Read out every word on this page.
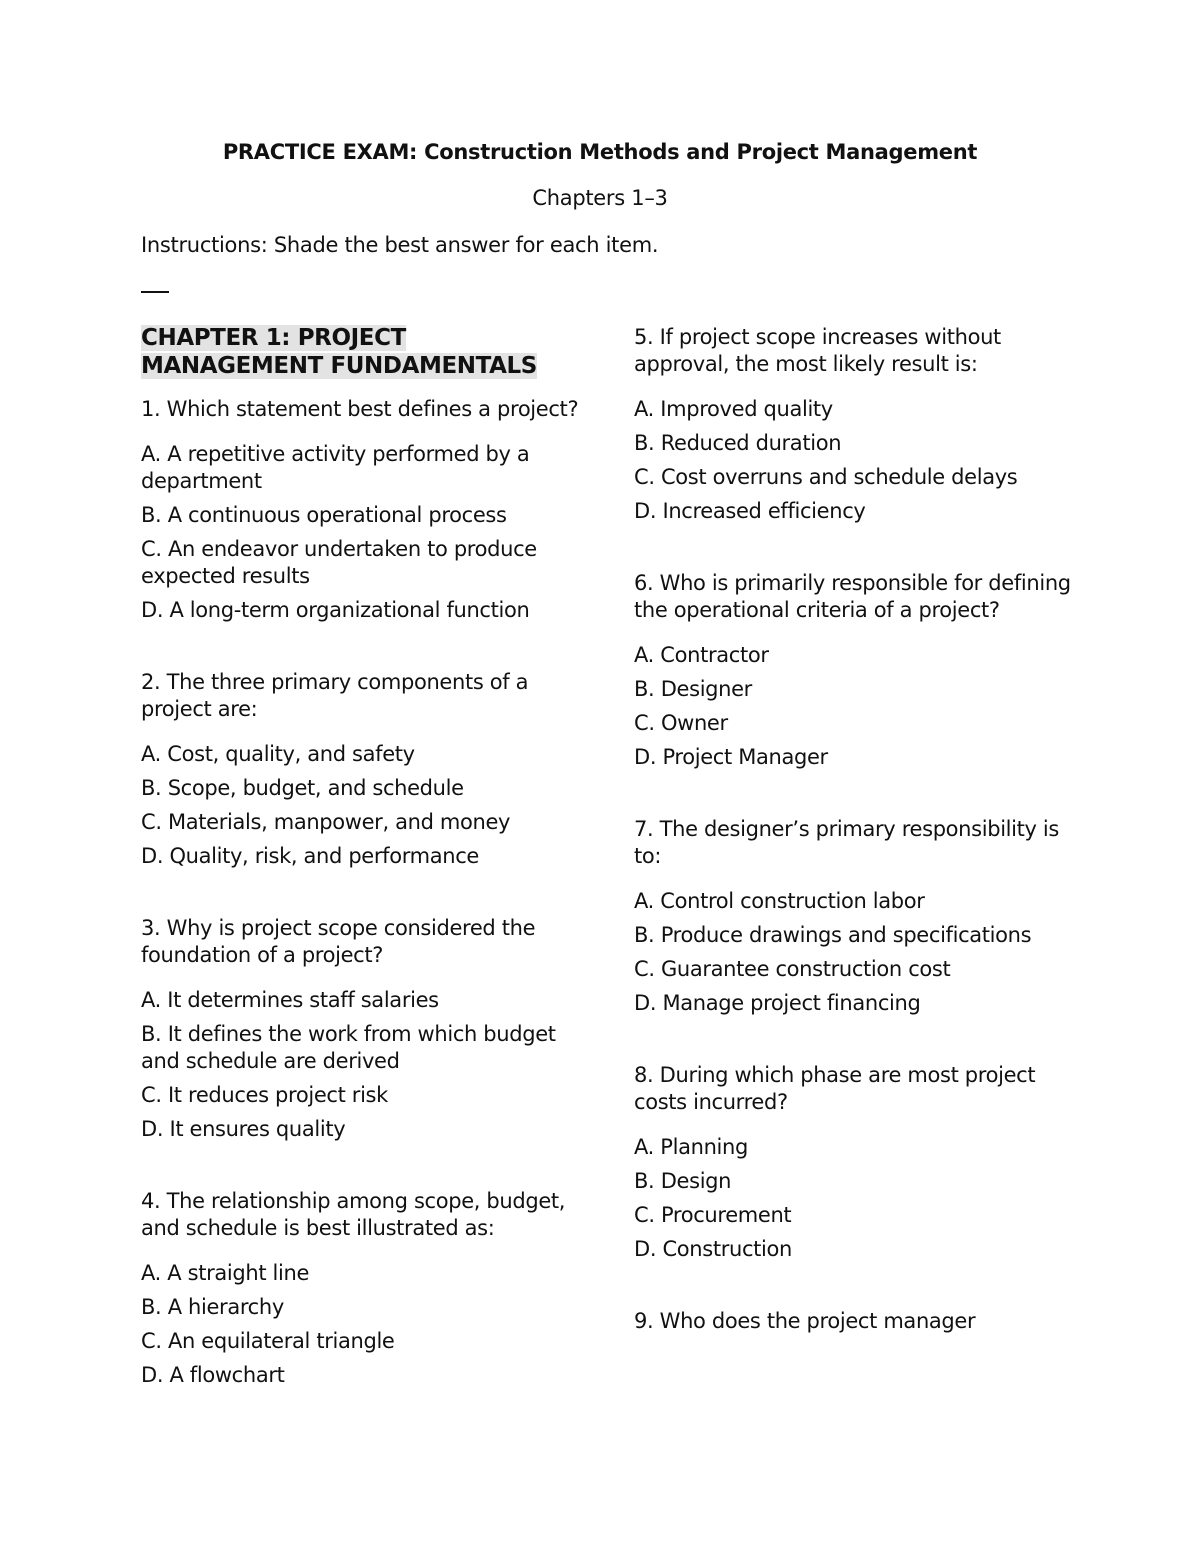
PRACTICE EXAM: Construction Methods and Project Management
Chapters 1–3
Instructions: Shade the best answer for each item.
CHAPTER 1: PROJECT MANAGEMENT FUNDAMENTALS

1. Which statement best defines a project?

A. A repetitive activity performed by a department
B. A continuous operational process
C. An endeavor undertaken to produce expected results
D. A long-term organizational function

2. The three primary components of a project are:

A. Cost, quality, and safety
B. Scope, budget, and schedule
C. Materials, manpower, and money
D. Quality, risk, and performance

3. Why is project scope considered the foundation of a project?

A. It determines staff salaries
B. It defines the work from which budget and schedule are derived
C. It reduces project risk
D. It ensures quality

4. The relationship among scope, budget, and schedule is best illustrated as:

A. A straight line
B. A hierarchy
C. An equilateral triangle
D. A flowchart

5. If project scope increases without approval, the most likely result is:

A. Improved quality
B. Reduced duration
C. Cost overruns and schedule delays
D. Increased efficiency

6. Who is primarily responsible for defining the operational criteria of a project?

A. Contractor
B. Designer
C. Owner
D. Project Manager

7. The designer’s primary responsibility is to:

A. Control construction labor
B. Produce drawings and specifications
C. Guarantee construction cost
D. Manage project financing

8. During which phase are most project costs incurred?

A. Planning
B. Design
C. Procurement
D. Construction

9. Who does the project manager
